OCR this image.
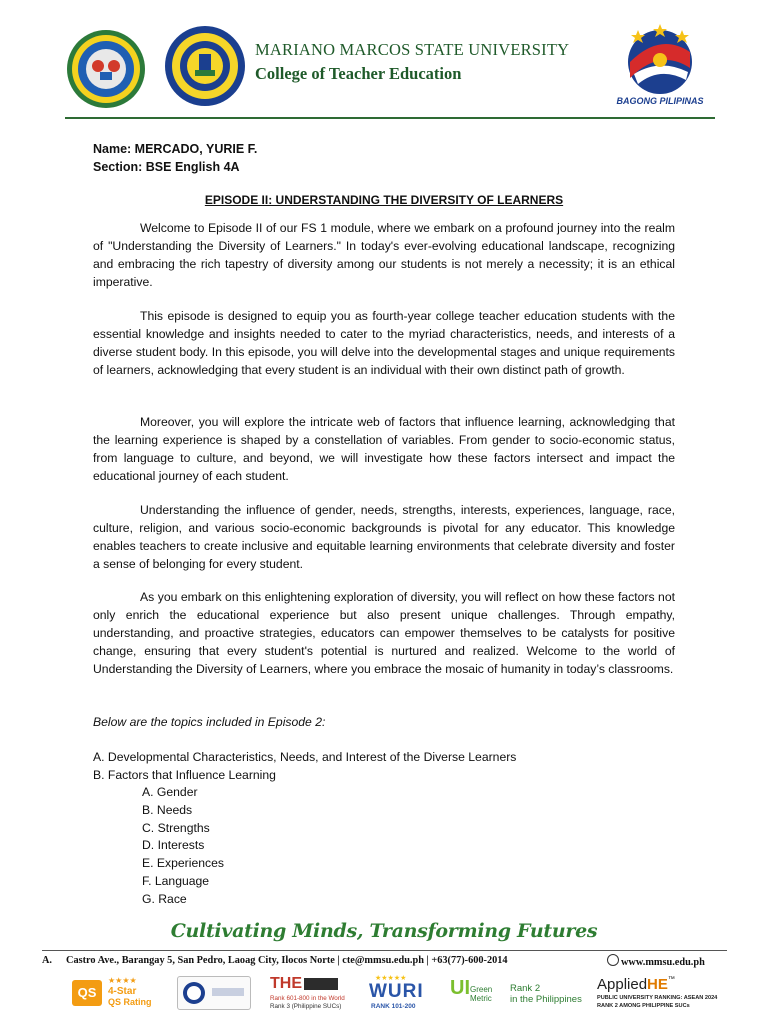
MARIANO MARCOS STATE UNIVERSITY
College of Teacher Education
BAGONG PILIPINAS
Name: MERCADO, YURIE F.
Section: BSE English 4A
EPISODE II: UNDERSTANDING THE DIVERSITY OF LEARNERS

Welcome to Episode II of our FS 1 module, where we embark on a profound journey into the realm of "Understanding the Diversity of Learners." In today's ever-evolving educational landscape, recognizing and embracing the rich tapestry of diversity among our students is not merely a necessity; it is an ethical imperative.

This episode is designed to equip you as fourth-year college teacher education students with the essential knowledge and insights needed to cater to the myriad characteristics, needs, and interests of a diverse student body. In this episode, you will delve into the developmental stages and unique requirements of learners, acknowledging that every student is an individual with their own distinct path of growth.

Moreover, you will explore the intricate web of factors that influence learning, acknowledging that the learning experience is shaped by a constellation of variables. From gender to socio-economic status, from language to culture, and beyond, we will investigate how these factors intersect and impact the educational journey of each student.

Understanding the influence of gender, needs, strengths, interests, experiences, language, race, culture, religion, and various socio-economic backgrounds is pivotal for any educator. This knowledge enables teachers to create inclusive and equitable learning environments that celebrate diversity and foster a sense of belonging for every student.

As you embark on this enlightening exploration of diversity, you will reflect on how these factors not only enrich the educational experience but also present unique challenges. Through empathy, understanding, and proactive strategies, educators can empower themselves to be catalysts for positive change, ensuring that every student's potential is nurtured and realized. Welcome to the world of Understanding the Diversity of Learners, where you embrace the mosaic of humanity in today’s classrooms.

Below are the topics included in Episode 2:
A. Developmental Characteristics, Needs, and Interest of the Diverse Learners
B. Factors that Influence Learning
A. Gender
B. Needs
C. Strengths
D. Interests
E. Experiences
F. Language
G. Race
Cultivating Minds, Transforming Futures
A. Castro Ave., Barangay 5, San Pedro, Laoag City, Ilocos Norte | cte@mmsu.edu.ph | +63(77)-600-2014	www.mmsu.edu.ph
QS
★★★★
4-Star
QS Rating
THE
Rank 601-800 in the World
Rank 3 (Philippine SUCs)
★★★★★
WURI
RANK 101-200
UI Green Metric
Rank 2
in the Philippines
AppliedHE™
PUBLIC UNIVERSITY RANKING: ASEAN 2024
RANK 2 AMONG PHILIPPINE SUCs
